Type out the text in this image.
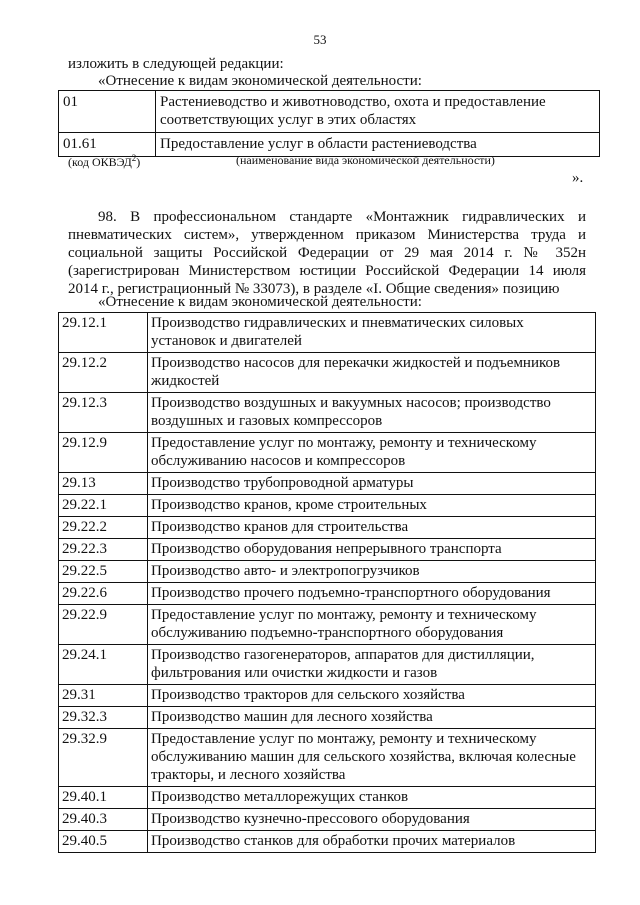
53
изложить в следующей редакции:
«Отнесение к видам экономической деятельности:
01	Растениеводство и животноводство, охота и предоставление соответствующих услуг в этих областях
01.61	Предоставление услуг в области растениеводства
(код ОКВЭД$^2$)	(наименование вида экономической деятельности)
».
98. В профессиональном стандарте «Монтажник гидравлических и пневматических систем», утвержденном приказом Министерства труда и социальной защиты Российской Федерации от 29 мая 2014 г. № 352н (зарегистрирован Министерством юстиции Российской Федерации 14 июля 2014 г., регистрационный № 33073), в разделе «I. Общие сведения» позицию
«Отнесение к видам экономической деятельности:
29.12.1	Производство гидравлических и пневматических силовых установок и двигателей
29.12.2	Производство насосов для перекачки жидкостей и подъемников жидкостей
29.12.3	Производство воздушных и вакуумных насосов; производство воздушных и газовых компрессоров
29.12.9	Предоставление услуг по монтажу, ремонту и техническому обслуживанию насосов и компрессоров
29.13	Производство трубопроводной арматуры
29.22.1	Производство кранов, кроме строительных
29.22.2	Производство кранов для строительства
29.22.3	Производство оборудования непрерывного транспорта
29.22.5	Производство авто- и электропогрузчиков
29.22.6	Производство прочего подъемно-транспортного оборудования
29.22.9	Предоставление услуг по монтажу, ремонту и техническому обслуживанию подъемно-транспортного оборудования
29.24.1	Производство газогенераторов, аппаратов для дистилляции, фильтрования или очистки жидкости и газов
29.31	Производство тракторов для сельского хозяйства
29.32.3	Производство машин для лесного хозяйства
29.32.9	Предоставление услуг по монтажу, ремонту и техническому обслуживанию машин для сельского хозяйства, включая колесные тракторы, и лесного хозяйства
29.40.1	Производство металлорежущих станков
29.40.3	Производство кузнечно-прессового оборудования
29.40.5	Производство станков для обработки прочих материалов
